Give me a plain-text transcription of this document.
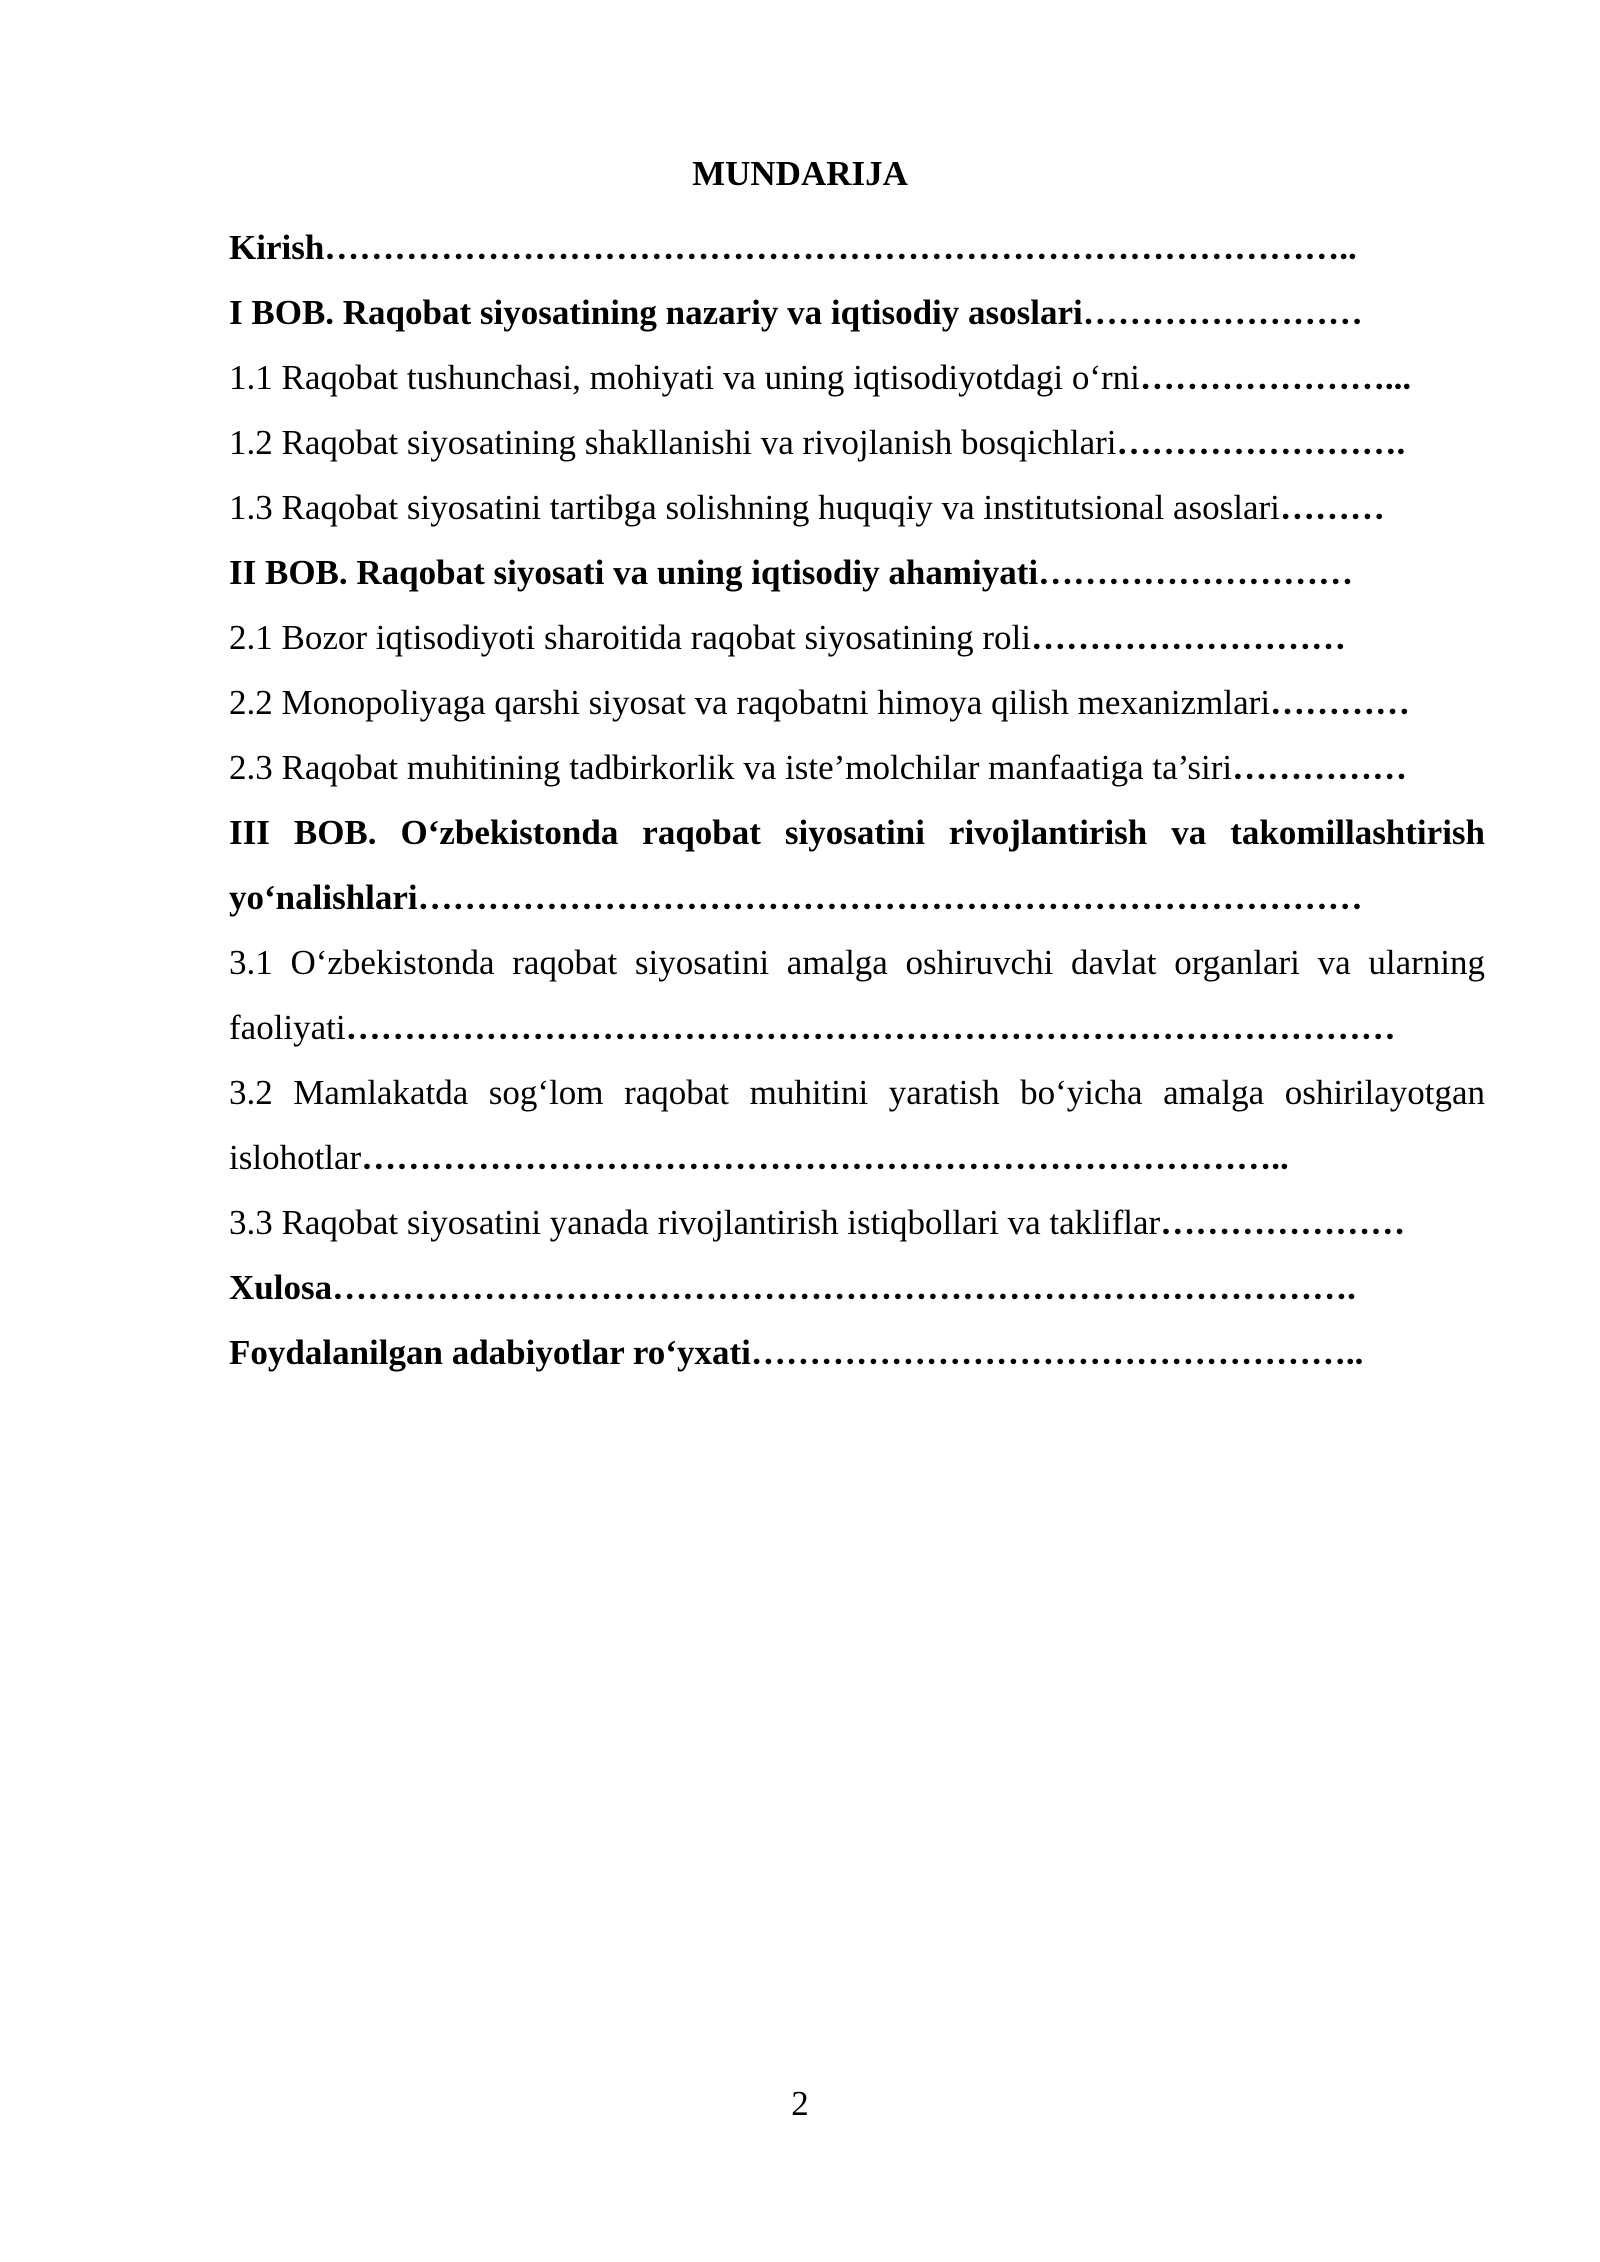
MUNDARIJA

Kirish……………………………………………………………………………..

I BOB. Raqobat siyosatining nazariy va iqtisodiy asoslari……………………

1.1 Raqobat tushunchasi, mohiyati va uning iqtisodiyotdagi o‘rni…………………...

1.2 Raqobat siyosatining shakllanishi va rivojlanish bosqichlari…………………….

1.3 Raqobat siyosatini tartibga solishning huquqiy va institutsional asoslari………

II BOB. Raqobat siyosati va uning iqtisodiy ahamiyati………………………

2.1 Bozor iqtisodiyoti sharoitida raqobat siyosatining roli………………………

2.2 Monopoliyaga qarshi siyosat va raqobatni himoya qilish mexanizmlari…………

2.3 Raqobat muhitining tadbirkorlik va iste’molchilar manfaatiga ta’siri……………

III BOB. O‘zbekistonda raqobat siyosatini rivojlantirish va takomillashtirish yo‘nalishlari………………………………………………………………………

3.1 O‘zbekistonda raqobat siyosatini amalga oshiruvchi davlat organlari va ularning faoliyati………………………………………………………………………………

3.2 Mamlakatda sog‘lom raqobat muhitini yaratish bo‘yicha amalga oshirilayotgan islohotlar……………………………………………………………………..

3.3 Raqobat siyosatini yanada rivojlantirish istiqbollari va takliflar…………………

Xulosa…………………………………………………………………………….

Foydalanilgan adabiyotlar ro‘yxati……………………………………………..

2
